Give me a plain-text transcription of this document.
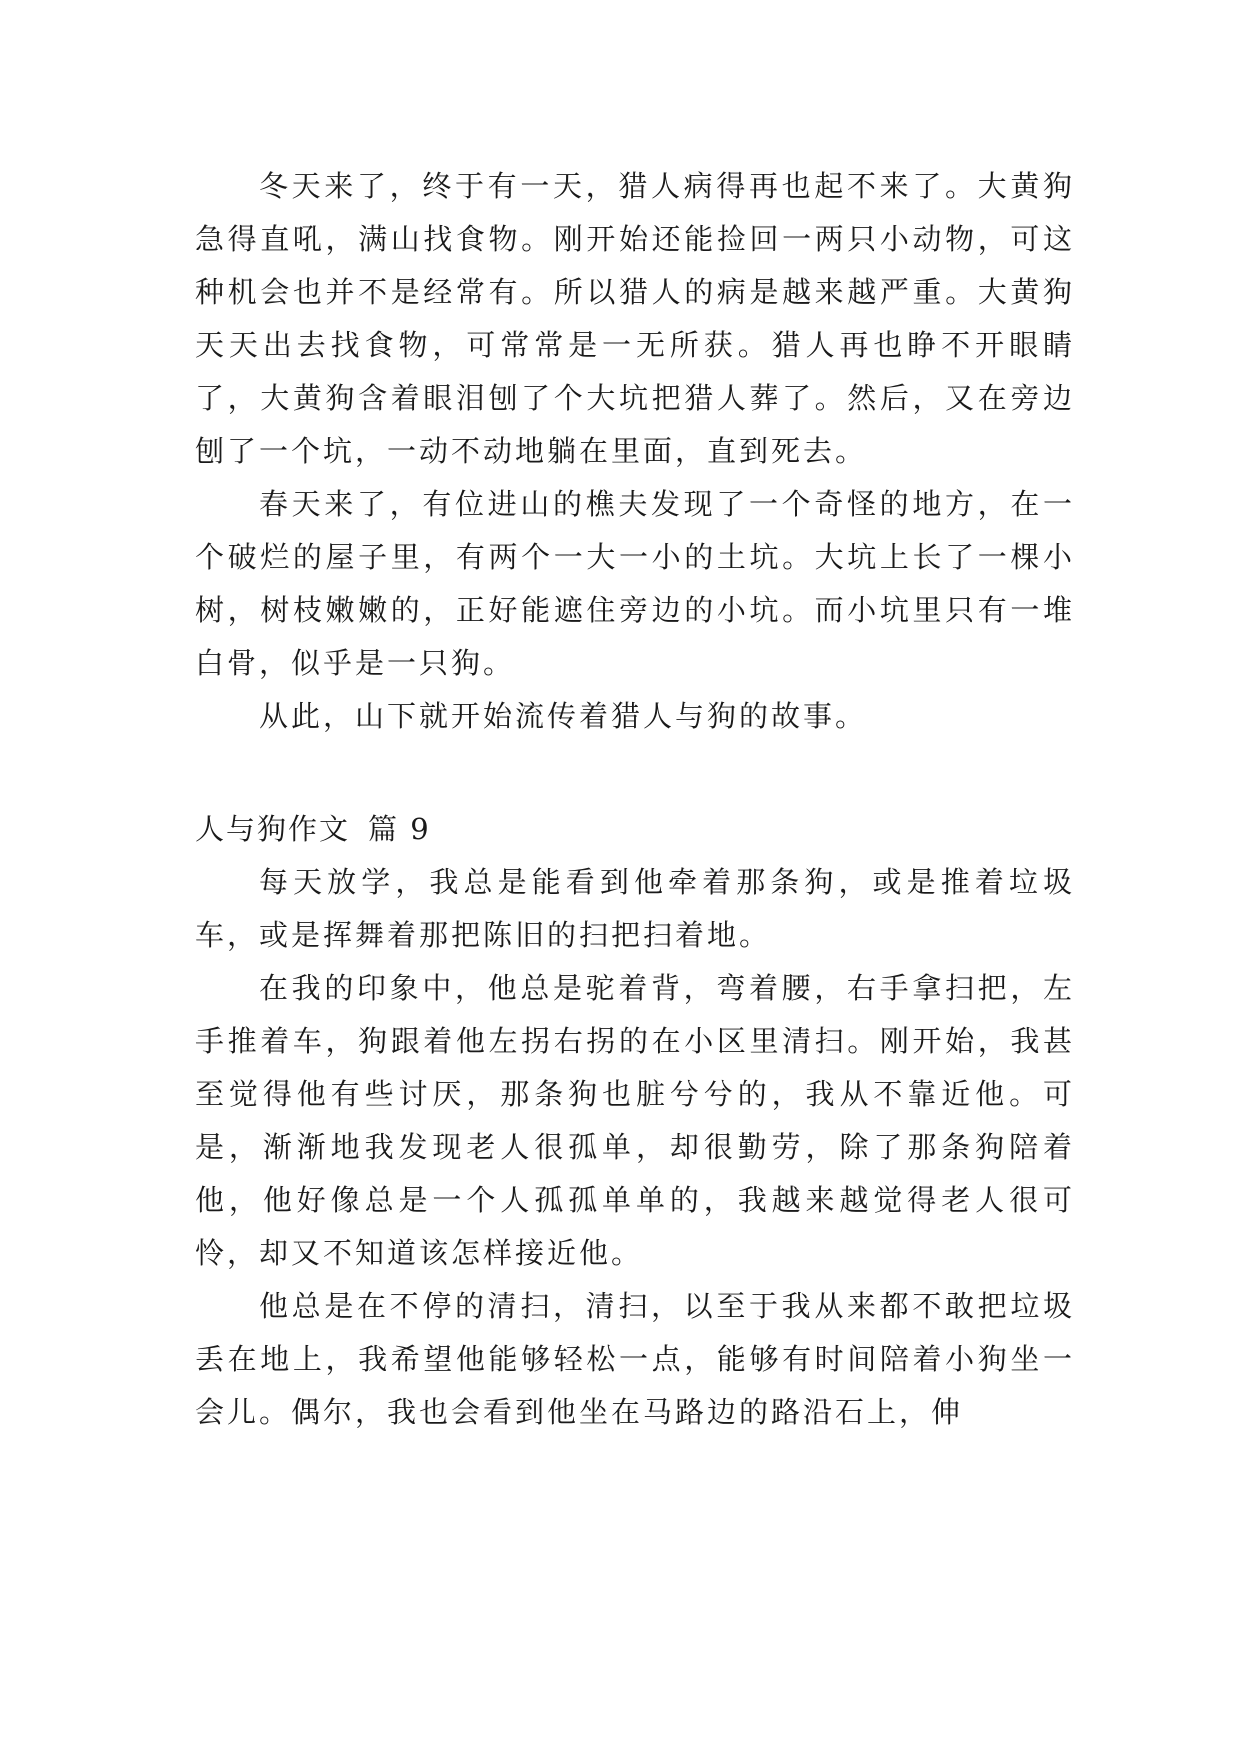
冬天来了，终于有一天，猎人病得再也起不来了。大黄狗急得直吼，满山找食物。刚开始还能捡回一两只小动物，可这种机会也并不是经常有。所以猎人的病是越来越严重。大黄狗天天出去找食物，可常常是一无所获。猎人再也睁不开眼睛了，大黄狗含着眼泪刨了个大坑把猎人葬了。然后，又在旁边刨了一个坑，一动不动地躺在里面，直到死去。

春天来了，有位进山的樵夫发现了一个奇怪的地方，在一个破烂的屋子里，有两个一大一小的土坑。大坑上长了一棵小树，树枝嫩嫩的，正好能遮住旁边的小坑。而小坑里只有一堆白骨，似乎是一只狗。

从此，山下就开始流传着猎人与狗的故事。

人与狗作文 篇 9

每天放学，我总是能看到他牵着那条狗，或是推着垃圾车，或是挥舞着那把陈旧的扫把扫着地。

在我的印象中，他总是驼着背，弯着腰，右手拿扫把，左手推着车，狗跟着他左拐右拐的在小区里清扫。刚开始，我甚至觉得他有些讨厌，那条狗也脏兮兮的，我从不靠近他。可是，渐渐地我发现老人很孤单，却很勤劳，除了那条狗陪着他，他好像总是一个人孤孤单单的，我越来越觉得老人很可怜，却又不知道该怎样接近他。

他总是在不停的清扫，清扫，以至于我从来都不敢把垃圾丢在地上，我希望他能够轻松一点，能够有时间陪着小狗坐一会儿。偶尔，我也会看到他坐在马路边的路沿石上，伸
